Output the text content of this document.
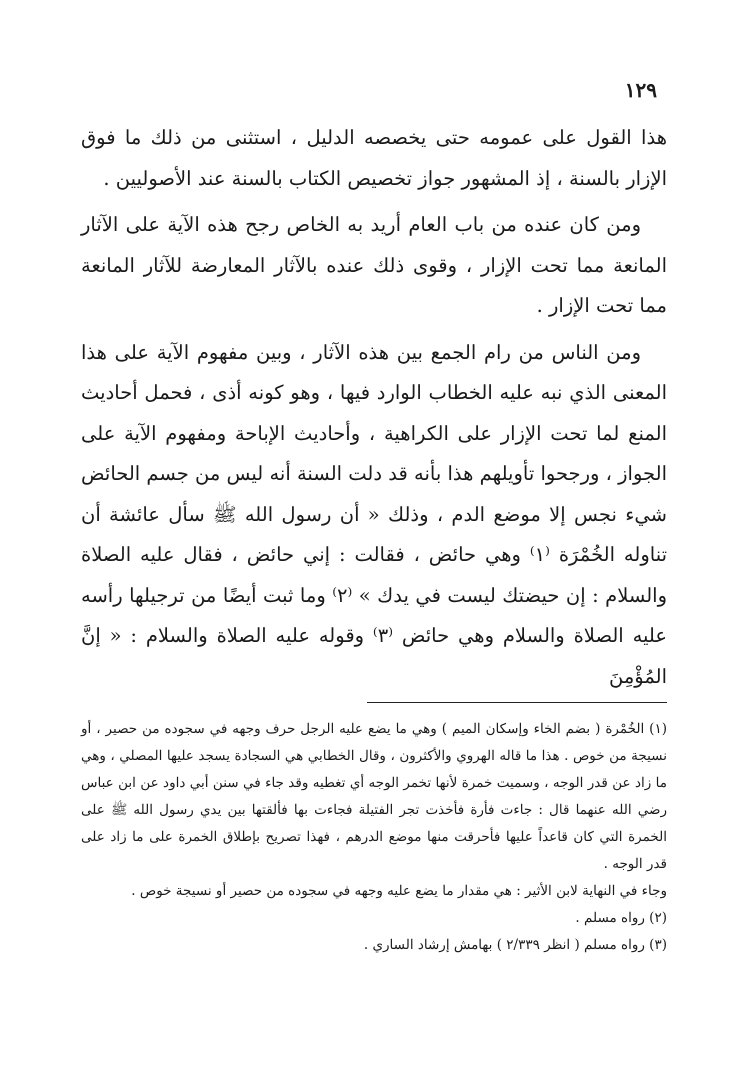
١٢٩

هذا القول على عمومه حتى يخصصه الدليل ، استثنى من ذلك ما فوق الإزار بالسنة ، إذ المشهور جواز تخصيص الكتاب بالسنة عند الأصوليين .

ومن كان عنده من باب العام أريد به الخاص رجح هذه الآية على الآثار المانعة مما تحت الإزار ، وقوى ذلك عنده بالآثار المعارضة للآثار المانعة مما تحت الإزار .

ومن الناس من رام الجمع بين هذه الآثار ، وبين مفهوم الآية على هذا المعنى الذي نبه عليه الخطاب الوارد فيها ، وهو كونه أذى ، فحمل أحاديث المنع لما تحت الإزار على الكراهية ، وأحاديث الإباحة ومفهوم الآية على الجواز ، ورجحوا تأويلهم هذا بأنه قد دلت السنة أنه ليس من جسم الحائض شيء نجس إلا موضع الدم ، وذلك « أن رسول الله ﷺ سأل عائشة أن تناوله الخُمْرَة ⁽١⁾ وهي حائض ، فقالت : إني حائض ، فقال عليه الصلاة والسلام : إن حيضتك ليست في يدك » ⁽٢⁾ وما ثبت أيضًا من ترجيلها رأسه عليه الصلاة والسلام وهي حائض ⁽٣⁾ وقوله عليه الصلاة والسلام : « إنَّ المُؤْمِنَ

(١) الخُمْرة ( بضم الخاء وإسكان الميم ) وهي ما يضع عليه الرجل حرف وجهه في سجوده من حصير ، أو نسيجة من خوص . هذا ما قاله الهروي والأكثرون ، وقال الخطابي هي السجادة يسجد عليها المصلي ، وهي ما زاد عن قدر الوجه ، وسميت خمرة لأنها تخمر الوجه أي تغطيه وقد جاء في سنن أبي داود عن ابن عباس رضي الله عنهما قال : جاءت فأرة فأخذت تجر الفتيلة فجاءت بها فألقتها بين يدي رسول الله ﷺ على الخمرة التي كان قاعداً عليها فأحرقت منها موضع الدرهم ، فهذا تصريح بإطلاق الخمرة على ما زاد على قدر الوجه .

وجاء في النهاية لابن الأثير : هي مقدار ما يضع عليه وجهه في سجوده من حصير أو نسيجة خوص .

(٢) رواه مسلم .

(٣) رواه مسلم ( انظر ٢/٣٣٩ ) بهامش إرشاد الساري .
